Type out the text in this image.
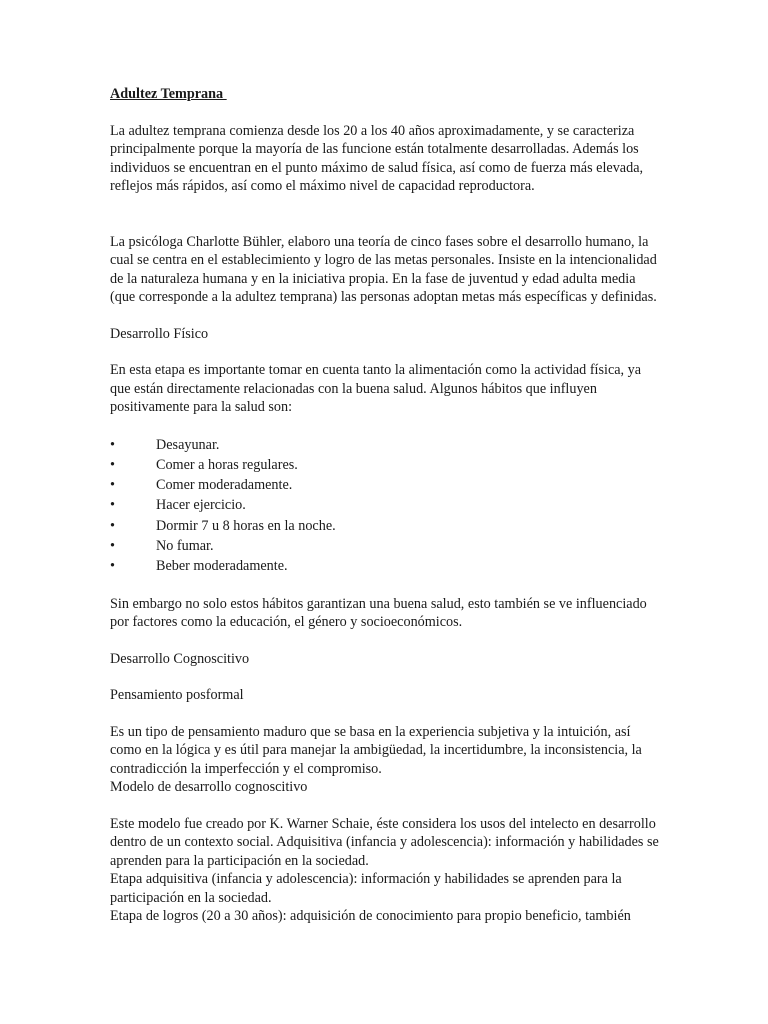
Adultez Temprana

La adultez temprana comienza desde los 20 a los 40 años aproximadamente, y se caracteriza principalmente porque la mayoría de las funcione están totalmente desarrolladas. Además los individuos se encuentran en el punto máximo de salud física, así como de fuerza más elevada, reflejos más rápidos, así como el máximo nivel de capacidad reproductora.

La psicóloga Charlotte Bühler, elaboro una teoría de cinco fases sobre el desarrollo humano, la cual se centra en el establecimiento y logro de las metas personales. Insiste en la intencionalidad de la naturaleza humana y en la iniciativa propia. En la fase de juventud y edad adulta media (que corresponde a la adultez temprana) las personas adoptan metas más específicas y definidas.

Desarrollo Físico

En esta etapa es importante tomar en cuenta tanto la alimentación como la actividad física, ya que están directamente relacionadas con la buena salud. Algunos hábitos que influyen positivamente para la salud son:

•	Desayunar.
•	Comer a horas regulares.
•	Comer moderadamente.
•	Hacer ejercicio.
•	Dormir 7 u 8 horas en la noche.
•	No fumar.
•	Beber moderadamente.

Sin embargo no solo estos hábitos garantizan una buena salud, esto también se ve influenciado por factores como la educación, el género y socioeconómicos.

Desarrollo Cognoscitivo

Pensamiento posformal

Es un tipo de pensamiento maduro que se basa en la experiencia subjetiva y la intuición, así como en la lógica y es útil para manejar la ambigüedad, la incertidumbre, la inconsistencia, la contradicción la imperfección y el compromiso.

Modelo de desarrollo cognoscitivo

Este modelo fue creado por K. Warner Schaie, éste considera los usos del intelecto en desarrollo dentro de un contexto social. Adquisitiva (infancia y adolescencia): información y habilidades se aprenden para la participación en la sociedad.

Etapa adquisitiva (infancia y adolescencia): información y habilidades se aprenden para la participación en la sociedad.

Etapa de logros (20 a 30 años): adquisición de conocimiento para propio beneficio, también
